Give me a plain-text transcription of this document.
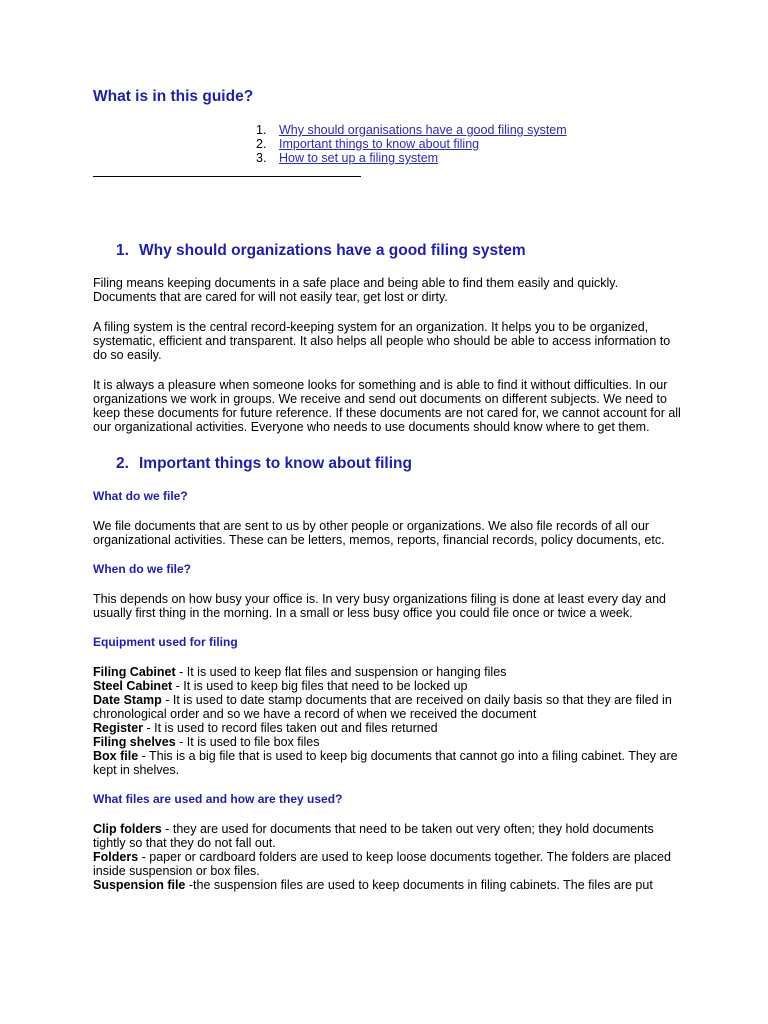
What is in this guide?
1.	Why should organisations have a good filing system
2.	Important things to know about filing
3.	How to set up a filing system
1. Why should organizations have a good filing system

Filing means keeping documents in a safe place and being able to find them easily and quickly. Documents that are cared for will not easily tear, get lost or dirty.

A filing system is the central record-keeping system for an organization. It helps you to be organized, systematic, efficient and transparent. It also helps all people who should be able to access information to do so easily.

It is always a pleasure when someone looks for something and is able to find it without difficulties. In our organizations we work in groups. We receive and send out documents on different subjects. We need to keep these documents for future reference. If these documents are not cared for, we cannot account for all our organizational activities. Everyone who needs to use documents should know where to get them.

2. Important things to know about filing
What do we file?

We file documents that are sent to us by other people or organizations. We also file records of all our organizational activities. These can be letters, memos, reports, financial records, policy documents, etc.

When do we file?

This depends on how busy your office is. In very busy organizations filing is done at least every day and usually first thing in the morning. In a small or less busy office you could file once or twice a week.

Equipment used for filing
Filing Cabinet - It is used to keep flat files and suspension or hanging files
Steel Cabinet - It is used to keep big files that need to be locked up
Date Stamp - It is used to date stamp documents that are received on daily basis so that they are filed in chronological order and so we have a record of when we received the document
Register - It is used to record files taken out and files returned
Filing shelves - It is used to file box files
Box file - This is a big file that is used to keep big documents that cannot go into a filing cabinet. They are kept in shelves.
What files are used and how are they used?
Clip folders - they are used for documents that need to be taken out very often; they hold documents tightly so that they do not fall out.
Folders - paper or cardboard folders are used to keep loose documents together. The folders are placed inside suspension or box files.
Suspension file -the suspension files are used to keep documents in filing cabinets. The files are put
